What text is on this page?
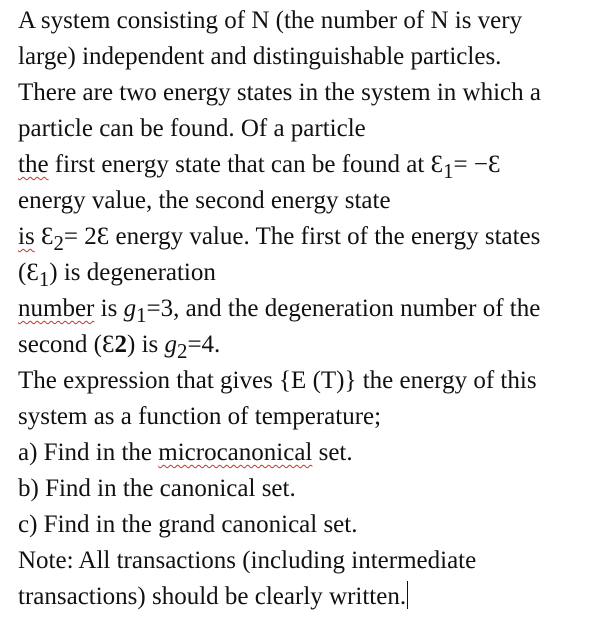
A system consisting of N (the number of N is very
large) independent and distinguishable particles.
There are two energy states in the system in which a
particle can be found. Of a particle
the first energy state that can be found at $Ɛ_1=$ −Ɛ
energy value, the second energy state
is $Ɛ_2=$ 2Ɛ energy value. The first of the energy states
$(Ɛ_1)$ is degeneration
number is $g_1=3$, and the degeneration number of the
second (Ɛ2) is $g_2=4$.
The expression that gives {E (T)} the energy of this
system as a function of temperature;
a) Find in the microcanonical set.
b) Find in the canonical set.
c) Find in the grand canonical set.
Note: All transactions (including intermediate
transactions) should be clearly written.
